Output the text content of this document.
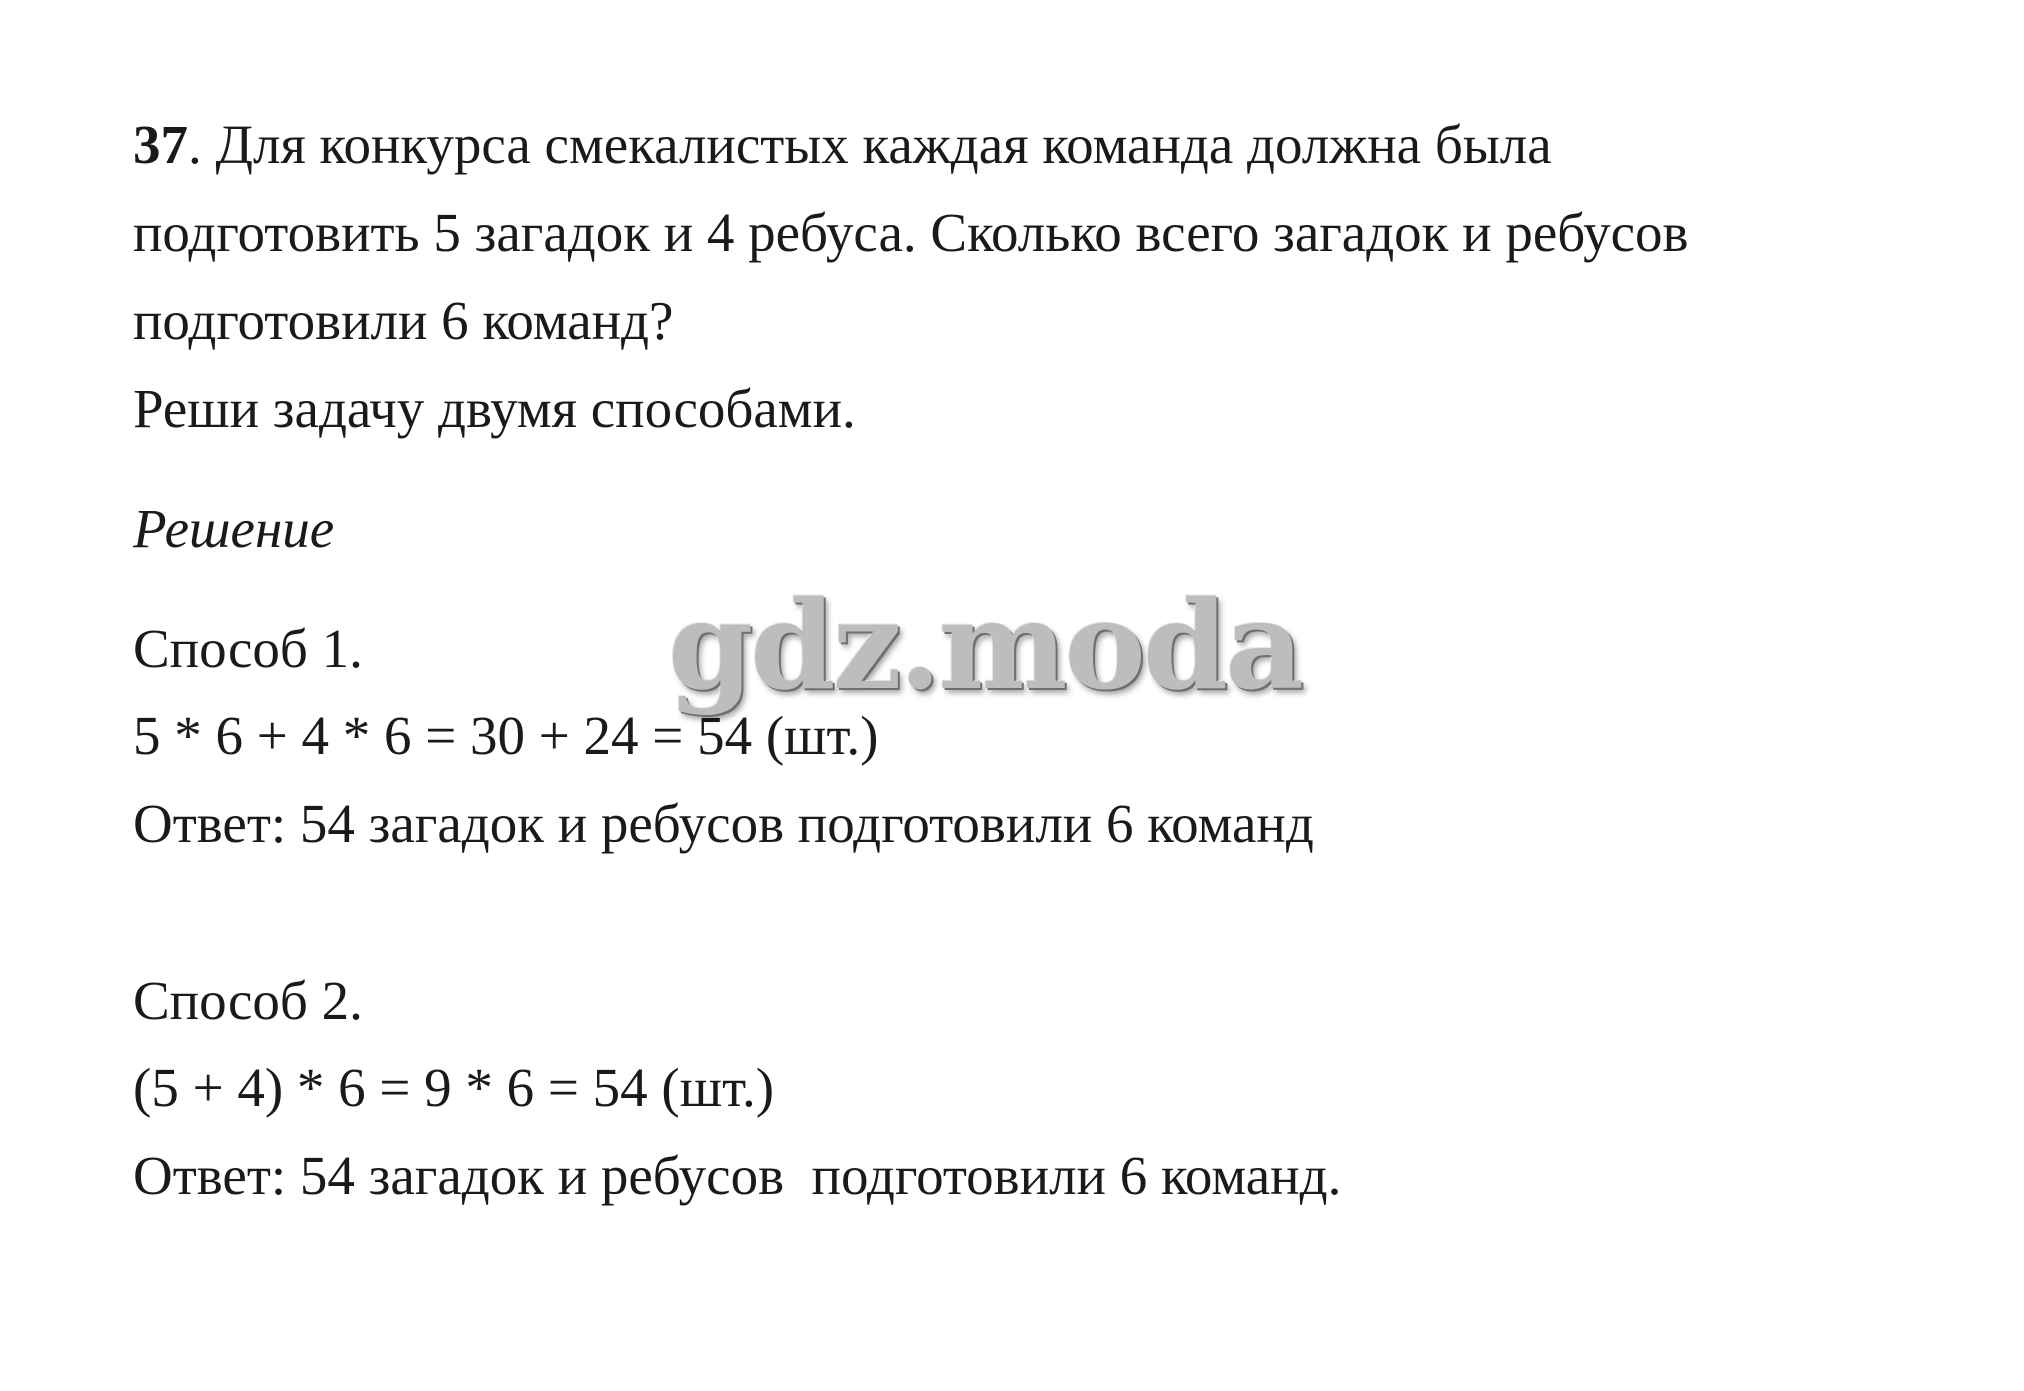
37. Для конкурса смекалистых каждая команда должна была
подготовить 5 загадок и 4 ребуса. Сколько всего загадок и ребусов
подготовили 6 команд?
Реши задачу двумя способами.
Решение
Способ 1.
5 * 6 + 4 * 6 = 30 + 24 = 54 (шт.)
Ответ: 54 загадок и ребусов подготовили 6 команд
Способ 2.
(5 + 4) * 6 = 9 * 6 = 54 (шт.)
Ответ: 54 загадок и ребусов  подготовили 6 команд.
gdz.moda
